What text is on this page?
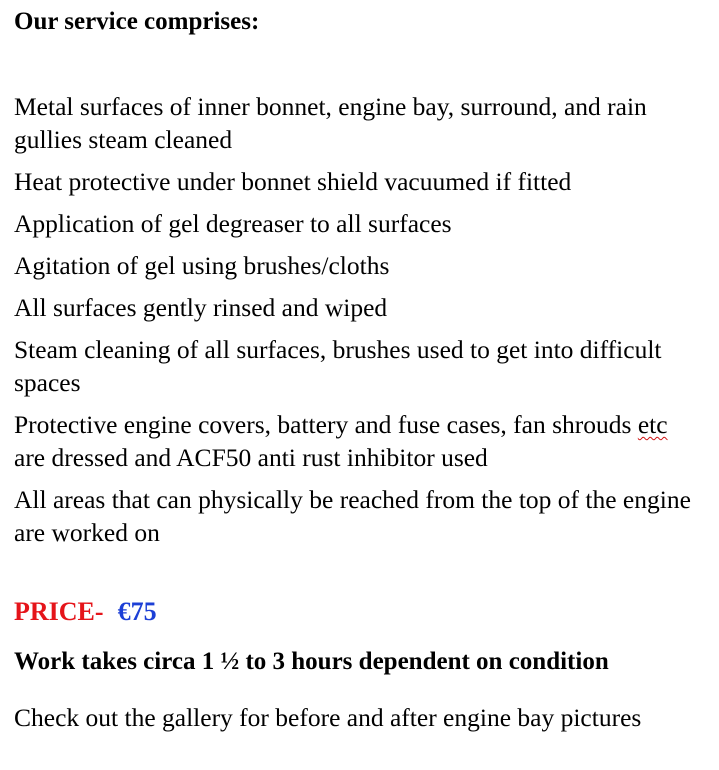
Our service comprises:
Metal surfaces of inner bonnet, engine bay, surround, and rain gullies steam cleaned
Heat protective under bonnet shield vacuumed if fitted
Application of gel degreaser to all surfaces
Agitation of gel using brushes/cloths
All surfaces gently rinsed and wiped
Steam cleaning of all surfaces, brushes used to get into difficult spaces
Protective engine covers, battery and fuse cases, fan shrouds etc are dressed and ACF50 anti rust inhibitor used
All areas that can physically be reached from the top of the engine are worked on
PRICE- €75
Work takes circa 1 ½ to 3 hours dependent on condition
Check out the gallery for before and after engine bay pictures
